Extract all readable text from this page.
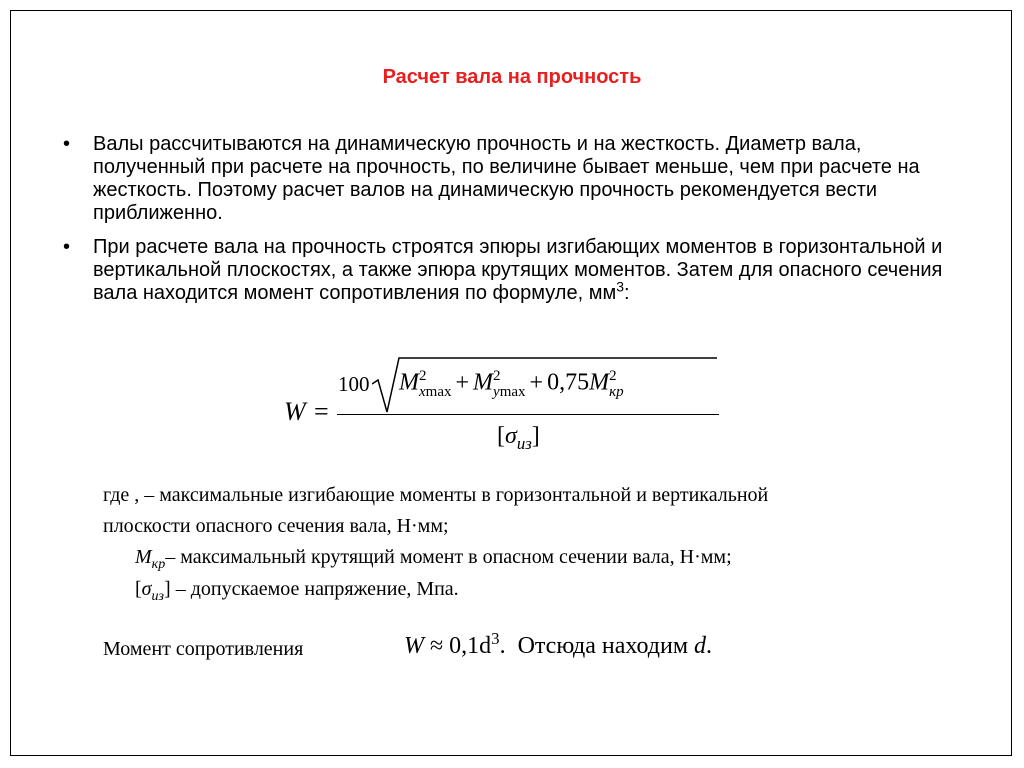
Расчет вала на прочность
• Валы рассчитываются на динамическую прочность и на жесткость. Диаметр вала, полученный при расчете на прочность, по величине бывает меньше, чем при расчете на жесткость. Поэтому расчет валов на динамическую прочность рекомендуется вести приближенно.
• При расчете вала на прочность строятся эпюры изгибающих моментов в горизонтальной и вертикальной плоскостях, а также эпюра крутящих моментов. Затем для опасного сечения вала находится момент сопротивления по формуле, $мм^3$:
W =
100 M 2
xmax + M 2
ymax + 0,75M 2
кр
$[\sigma_{из}]$
где , – максимальные изгибающие моменты в горизонтальной и вертикальной
плоскости опасного сечения вала, Н·мм;
$M_{кр}-$ максимальный крутящий момент в опасном сечении вала, Н·мм;
$[\sigma_{из}]$ – допускаемое напряжение, Мпа.
Момент сопротивления	$W \approx 0,1d^3$. Отсюда находим d.
